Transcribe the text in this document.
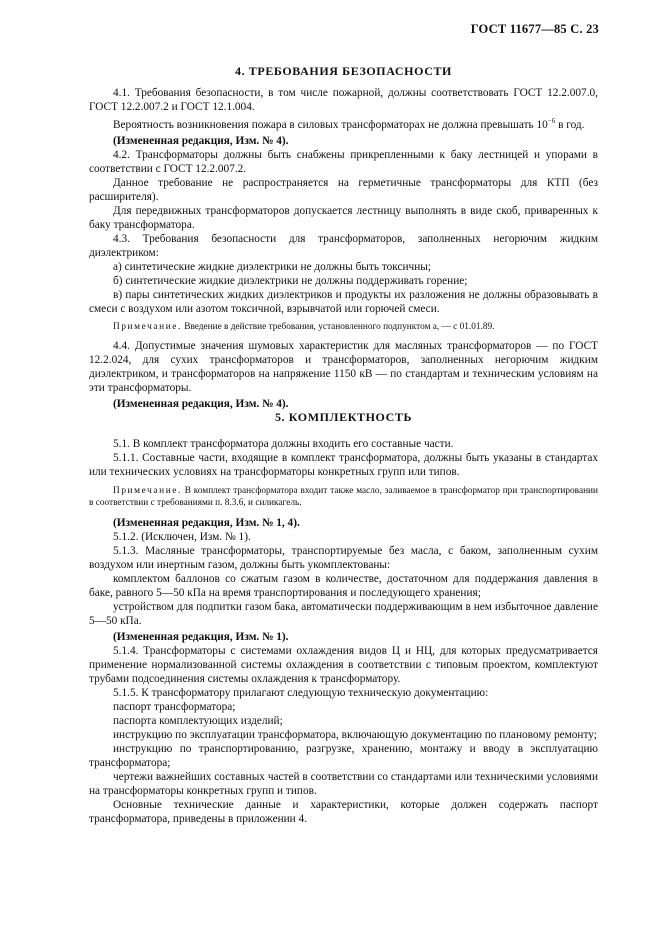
ГОСТ 11677—85 С. 23
4. ТРЕБОВАНИЯ БЕЗОПАСНОСТИ

4.1. Требования безопасности, в том числе пожарной, должны соответствовать ГОСТ 12.2.007.0, ГОСТ 12.2.007.2 и ГОСТ 12.1.004.

Вероятность возникновения пожара в силовых трансформаторах не должна превышать $10^{-6}$ в год.

(Измененная редакция, Изм. № 4).

4.2. Трансформаторы должны быть снабжены прикрепленными к баку лестницей и упорами в соответствии с ГОСТ 12.2.007.2.

Данное требование не распространяется на герметичные трансформаторы для КТП (без расширителя).

Для передвижных трансформаторов допускается лестницу выполнять в виде скоб, приваренных к баку трансформатора.

4.3. Требования безопасности для трансформаторов, заполненных негорючим жидким диэлектриком:

а) синтетические жидкие диэлектрики не должны быть токсичны;

б) синтетические жидкие диэлектрики не должны поддерживать горение;

в) пары синтетических жидких диэлектриков и продукты их разложения не должны образовывать в смеси с воздухом или азотом токсичной, взрывчатой или горючей смеси.

Примечание. Введение в действие требования, установленного подпунктом а, — с 01.01.89.

4.4. Допустимые значения шумовых характеристик для масляных трансформаторов — по ГОСТ 12.2.024, для сухих трансформаторов и трансформаторов, заполненных негорючим жидким диэлектриком, и трансформаторов на напряжение 1150 кВ — по стандартам и техническим условиям на эти трансформаторы.

(Измененная редакция, Изм. № 4).

5. КОМПЛЕКТНОСТЬ

5.1. В комплект трансформатора должны входить его составные части.

5.1.1. Составные части, входящие в комплект трансформатора, должны быть указаны в стандартах или технических условиях на трансформаторы конкретных групп или типов.

Примечание. В комплект трансформатора входит также масло, заливаемое в трансформатор при транспортировании в соответствии с требованиями п. 8.3.6, и силикагель.

(Измененная редакция, Изм. № 1, 4).

5.1.2. (Исключен, Изм. № 1).

5.1.3. Масляные трансформаторы, транспортируемые без масла, с баком, заполненным сухим воздухом или инертным газом, должны быть укомплектованы:

комплектом баллонов со сжатым газом в количестве, достаточном для поддержания давления в баке, равного 5—50 кПа на время транспортирования и последующего хранения;

устройством для подпитки газом бака, автоматически поддерживающим в нем избыточное давление 5—50 кПа.

(Измененная редакция, Изм. № 1).

5.1.4. Трансформаторы с системами охлаждения видов Ц и НЦ, для которых предусматривается применение нормализованной системы охлаждения в соответствии с типовым проектом, комплектуют трубами подсоединения системы охлаждения к трансформатору.

5.1.5. К трансформатору прилагают следующую техническую документацию:

паспорт трансформатора;

паспорта комплектующих изделий;

инструкцию по эксплуатации трансформатора, включающую документацию по плановому ремонту;

инструкцию по транспортированию, разгрузке, хранению, монтажу и вводу в эксплуатацию трансформатора;

чертежи важнейших составных частей в соответствии со стандартами или техническими условиями на трансформаторы конкретных групп и типов.

Основные технические данные и характеристики, которые должен содержать паспорт трансформатора, приведены в приложении 4.
